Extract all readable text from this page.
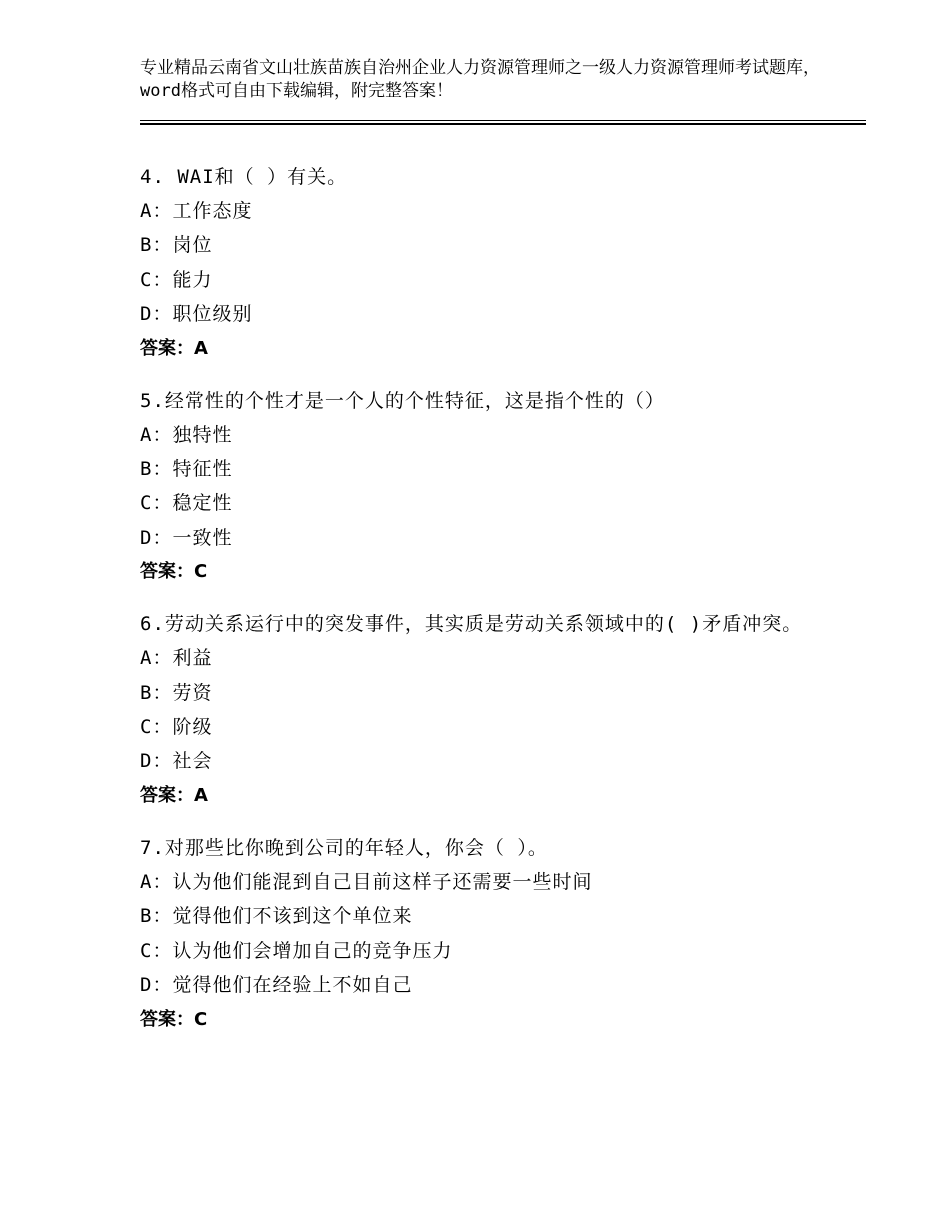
专业精品云南省文山壮族苗族自治州企业人力资源管理师之一级人力资源管理师考试题库，word格式可自由下载编辑，附完整答案！
4. WAI和（ ）有关。
A：工作态度
B：岗位
C：能力
D：职位级别
答案：A
5.经常性的个性才是一个人的个性特征，这是指个性的（）
A：独特性
B：特征性
C：稳定性
D：一致性
答案：C
6.劳动关系运行中的突发事件，其实质是劳动关系领域中的( )矛盾冲突。
A：利益
B：劳资
C：阶级
D：社会
答案：A
7.对那些比你晚到公司的年轻人，你会（ ）。
A：认为他们能混到自己目前这样子还需要一些时间
B：觉得他们不该到这个单位来
C：认为他们会增加自己的竞争压力
D：觉得他们在经验上不如自己
答案：C
